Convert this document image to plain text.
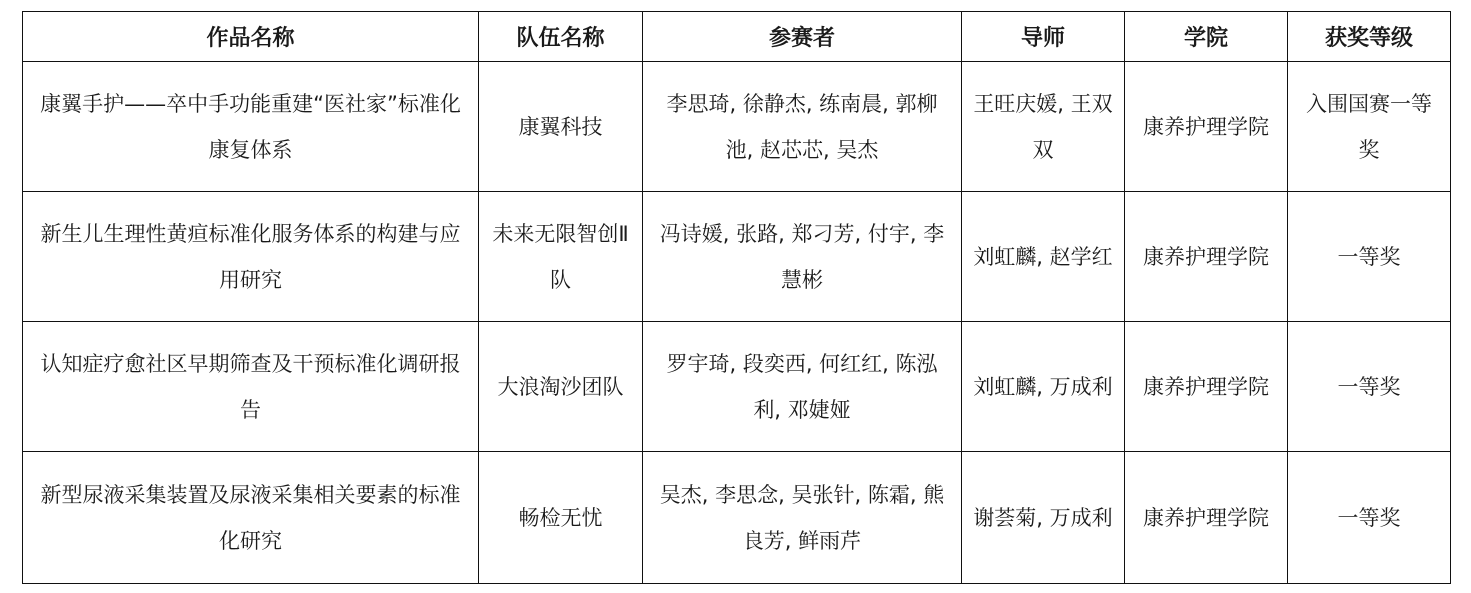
作品名称	队伍名称	参赛者	导师	学院	获奖等级
康翼手护——卒中手功能重建“医社家”标准化康复体系	康翼科技	李思琦, 徐静杰, 练南晨, 郭柳池, 赵芯芯, 吴杰	王旺庆媛, 王双双	康养护理学院	入围国赛一等奖
新生儿生理性黄疸标准化服务体系的构建与应用研究	未来无限智创Ⅱ队	冯诗媛, 张路, 郑刁芳, 付宇, 李慧彬	刘虹麟, 赵学红	康养护理学院	一等奖
认知症疗愈社区早期筛查及干预标准化调研报告	大浪淘沙团队	罗宇琦, 段奕西, 何红红, 陈泓利, 邓婕娅	刘虹麟, 万成利	康养护理学院	一等奖
新型尿液采集装置及尿液采集相关要素的标准化研究	畅检无忧	吴杰, 李思念, 吴张针, 陈霜, 熊良芳, 鲜雨芹	谢荟菊, 万成利	康养护理学院	一等奖
